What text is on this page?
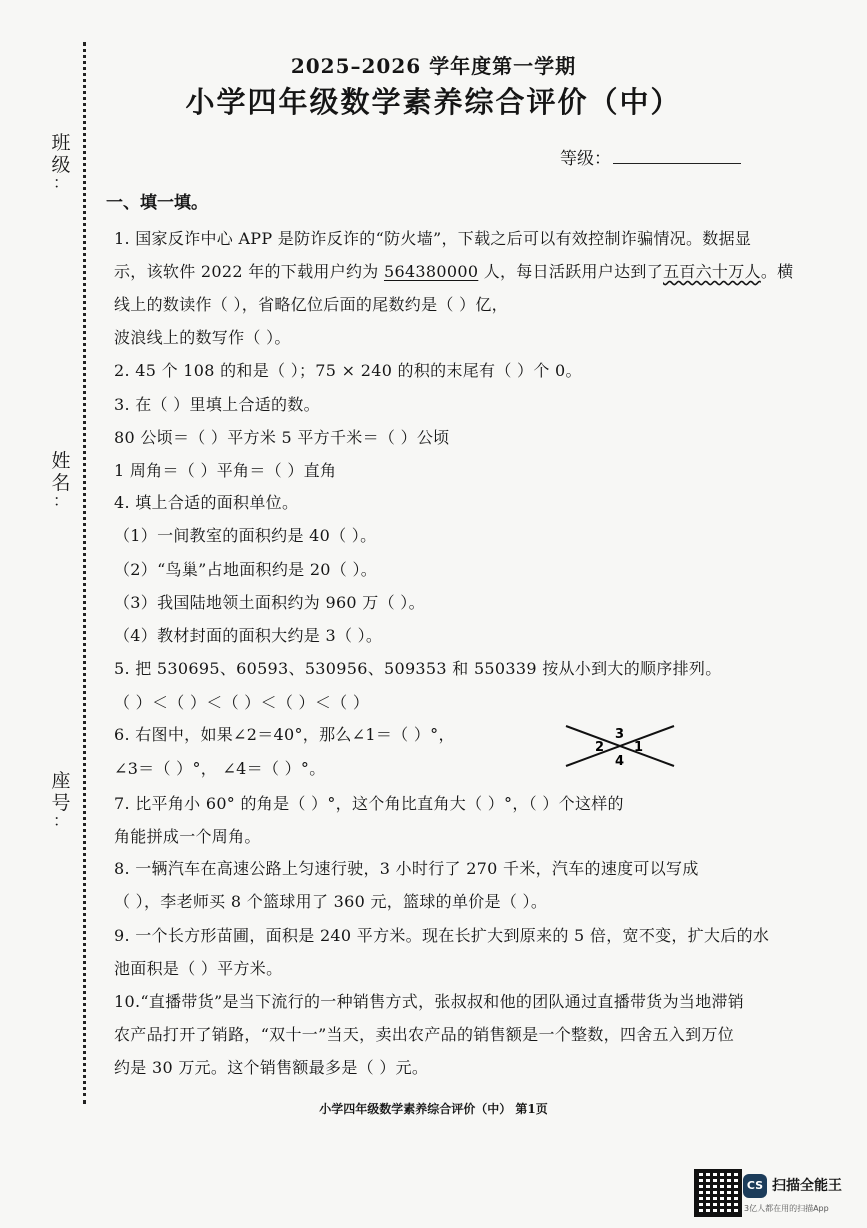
班级
：
姓名
：
座号
：
2025–2026 学年度第一学期
小学四年级数学素养综合评价（中）
等级：
一、填一填。
1. 国家反诈中心 APP 是防诈反诈的“防火墙”，下载之后可以有效控制诈骗情况。数据显
示，该软件 2022 年的下载用户约为 564380000 人，每日活跃用户达到了五百六十万人。横
线上的数读作（ ），省略亿位后面的尾数约是（ ）亿，
波浪线上的数写作（ ）。
2. 45 个 108 的和是（ ）；75 × 240 的积的末尾有（ ）个 0。
3. 在（ ）里填上合适的数。
80 公顷＝（ ）平方米 5 平方千米＝（ ）公顷
1 周角＝（ ）平角＝（ ）直角
4. 填上合适的面积单位。
（1）一间教室的面积约是 40（ ）。
（2）“鸟巢”占地面积约是 20（ ）。
（3）我国陆地领土面积约为 960 万（ ）。
（4）教材封面的面积大约是 3（ ）。
5. 把 530695、60593、530956、509353 和 550339 按从小到大的顺序排列。
（ ）＜（ ）＜（ ）＜（ ）＜（ ）
6. 右图中，如果∠2＝40°，那么∠1＝（ ）°，
∠3＝（ ）°， ∠4＝（ ）°。
3
2 1
4
7. 比平角小 60° 的角是（ ）°，这个角比直角大（ ）°，（ ）个这样的
角能拼成一个周角。
8. 一辆汽车在高速公路上匀速行驶，3 小时行了 270 千米，汽车的速度可以写成
（ ），李老师买 8 个篮球用了 360 元，篮球的单价是（ ）。
9. 一个长方形苗圃，面积是 240 平方米。现在长扩大到原来的 5 倍，宽不变，扩大后的水
池面积是（ ）平方米。
10.“直播带货”是当下流行的一种销售方式，张叔叔和他的团队通过直播带货为当地滞销
农产品打开了销路，“双十一”当天，卖出农产品的销售额是一个整数，四舍五入到万位
约是 30 万元。这个销售额最多是（ ）元。
小学四年级数学素养综合评价（中） 第1页
CS 扫描全能王
3亿人都在用的扫描App
